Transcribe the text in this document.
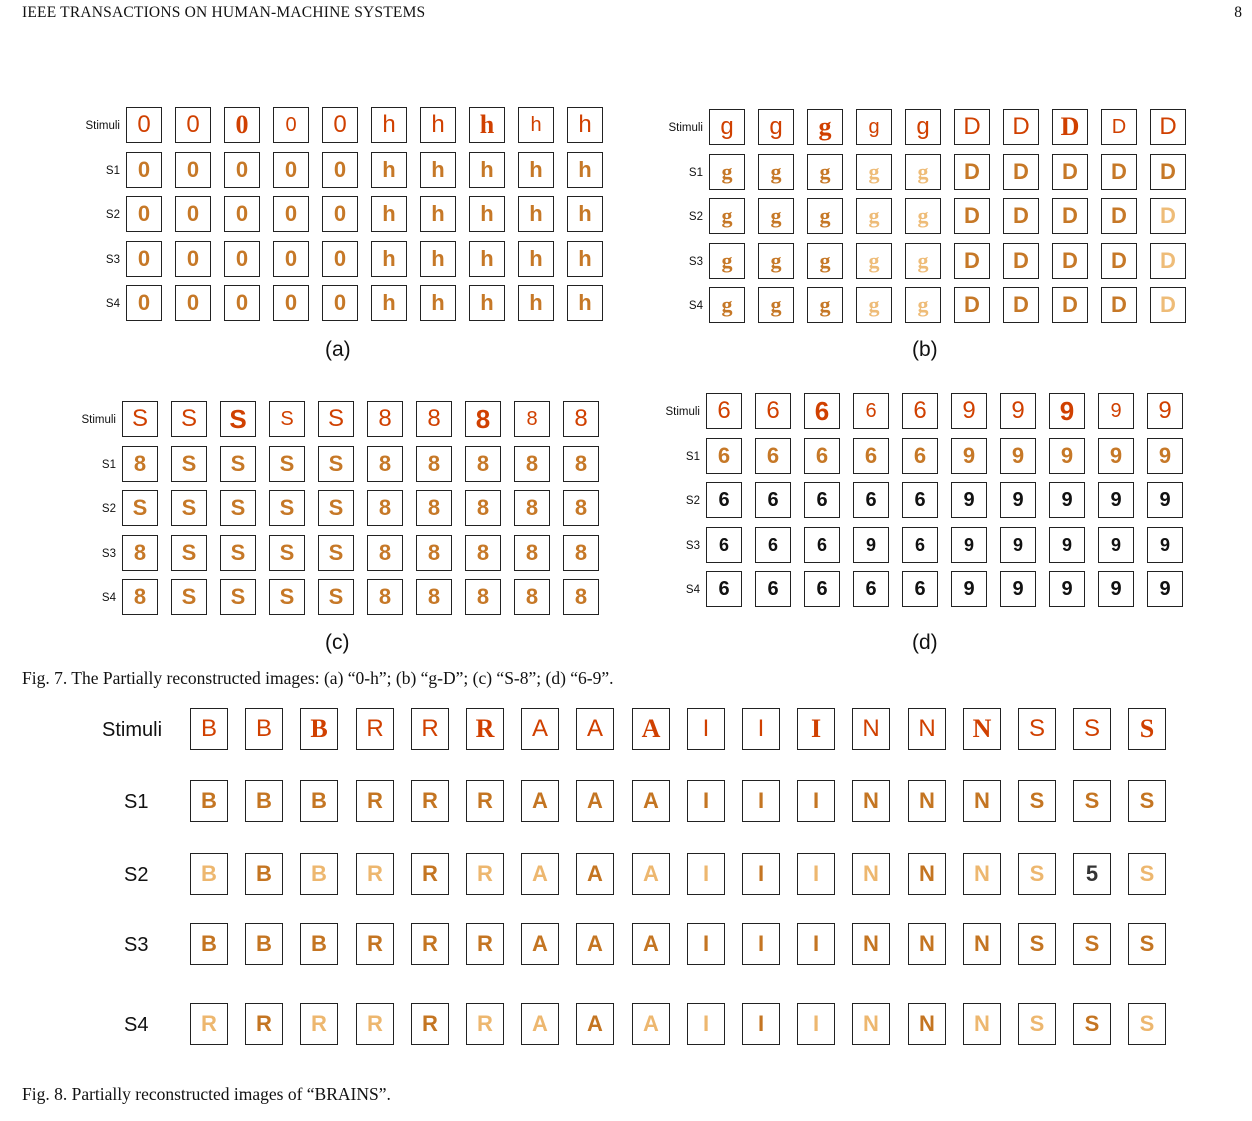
IEEE TRANSACTIONS ON HUMAN-MACHINE SYSTEMS	8
Stimuli 0 0 0 0 0 h h h h h
S1 0 0 0 0 0 h h h h h
S2 0 0 0 0 0 h h h h h
S3 0 0 0 0 0 h h h h h
S4 0 0 0 0 0 h h h h h
(a)
Stimuli g g g g g D D D D D
S1 g g g g g D D D D D
S2 g g g g g D D D D D
S3 g g g g g D D D D D
S4 g g g g g D D D D D
(b)
Stimuli S S S S S 8 8 8 8 8
S1 8 S S S S 8 8 8 8 8
S2 S S S S S 8 8 8 8 8
S3 8 S S S S 8 8 8 8 8
S4 8 S S S S 8 8 8 8 8
(c)
Stimuli 6 6 6 6 6 9 9 9 9 9
S1 6 6 6 6 6 9 9 9 9 9
S2 6 6 6 6 6 9 9 9 9 9
S3 6 6 6 9 6 9 9 9 9 9
S4 6 6 6 6 6 9 9 9 9 9
(d)
Fig. 7. The Partially reconstructed images: (a) “0-h”; (b) “g-D”; (c) “S-8”; (d) “6-9”.
Stimuli	B B B R R R A A A I I I N N N S S S
S1	B B B R R R A A A I I I N N N S S S
S2	B B B R R R A A A I I I N N N S 5 S
S3	B B B R R R A A A I I I N N N S S S
S4	R R R R R R A A A I I I N N N S S S
Fig. 8. Partially reconstructed images of “BRAINS”.
